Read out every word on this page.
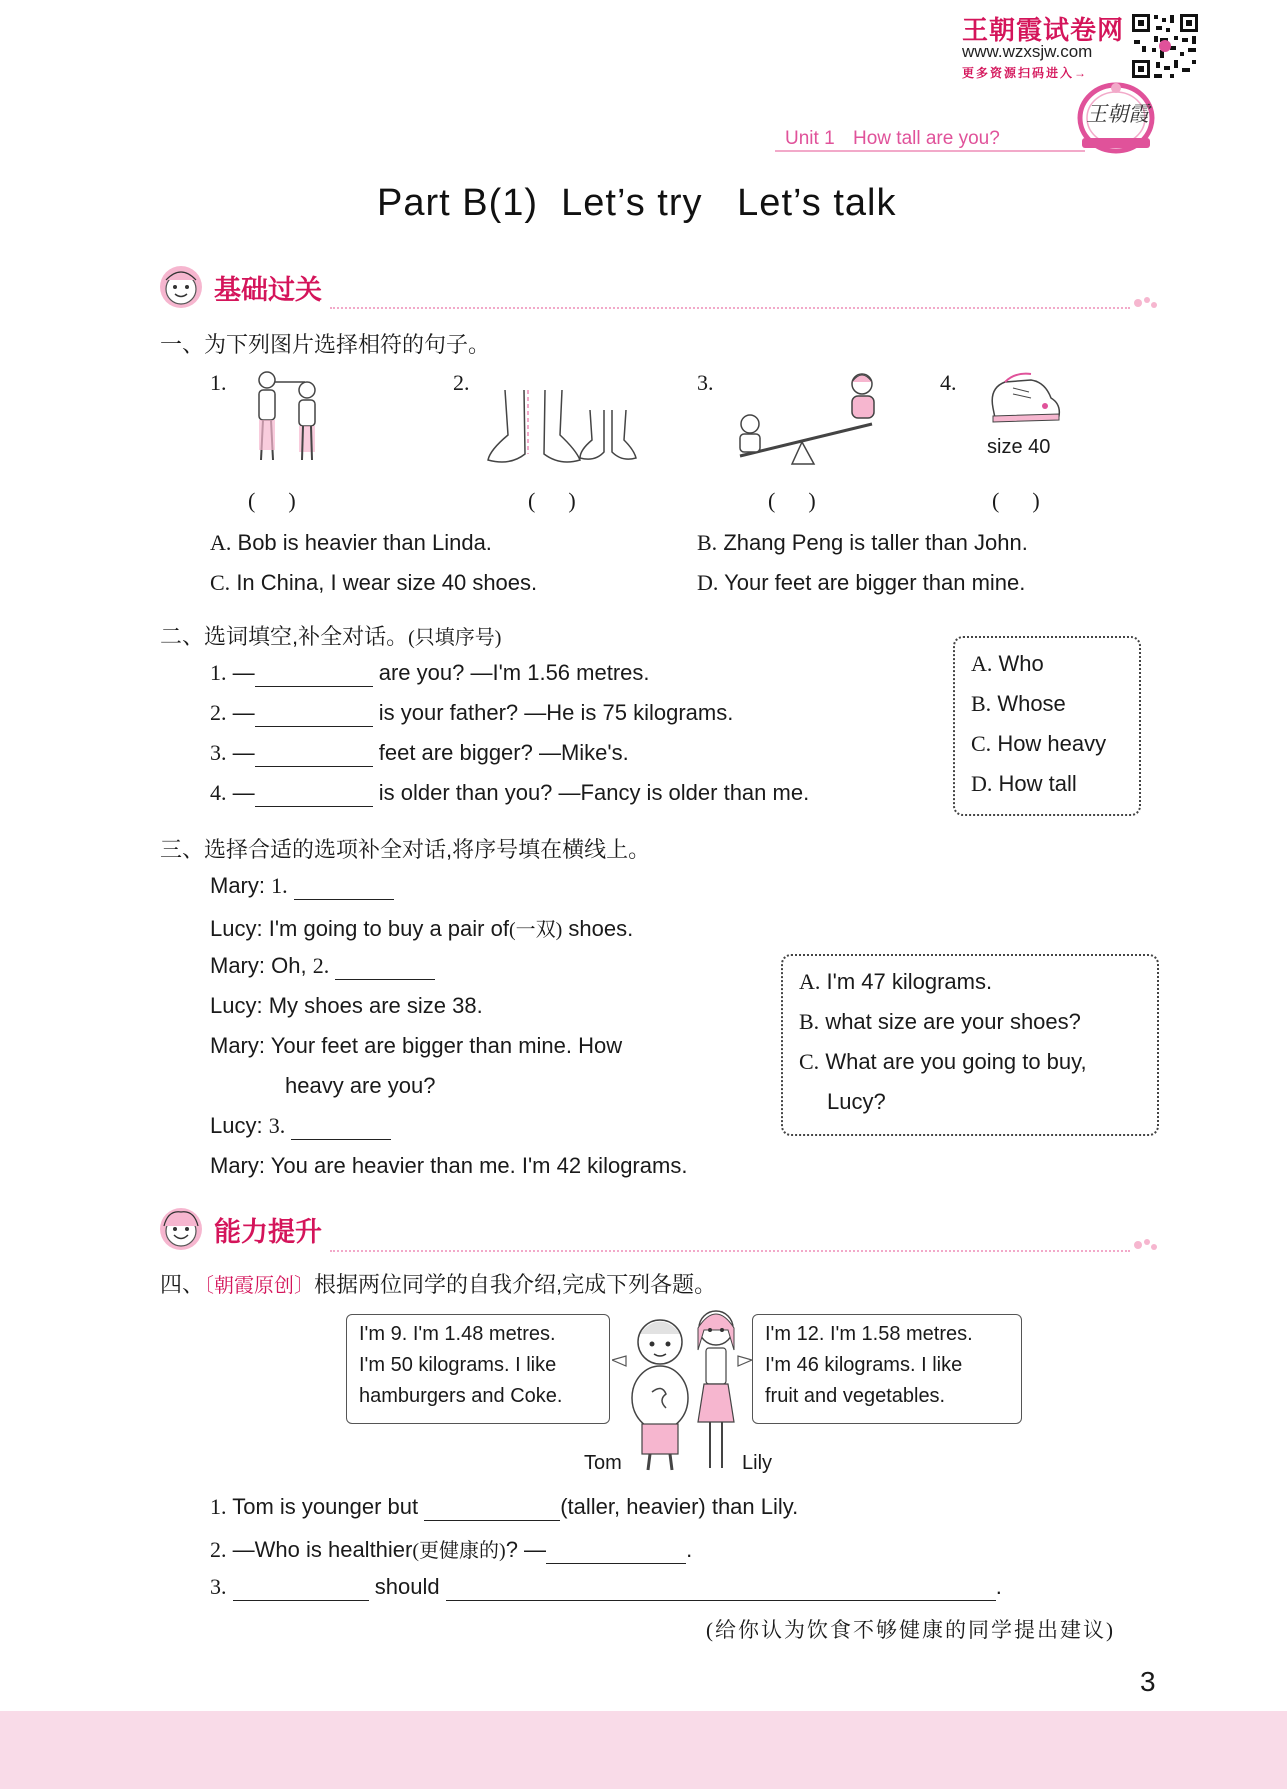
王朝霞试卷网
www.wzxsjw.com
更多资源扫码进入→
王朝霞
Unit 1 How tall are you?
Part B(1)  Let’s try   Let’s talk
基础过关
一、为下列图片选择相符的句子。
1.
(      )
2.
(      )
3.
(      )
4.
size 40
(      )
A. Bob is heavier than Linda.	B. Zhang Peng is taller than John.
C. In China, I wear size 40 shoes.	D. Your feet are bigger than mine.
二、选词填空,补全对话。(只填序号)
1. —	are you? —I'm 1.56 metres.
2. —	is your father? —He is 75 kilograms.
3. —	feet are bigger? —Mike's.
4. —	is older than you? —Fancy is older than me.
A. Who
B. Whose
C. How heavy
D. How tall
三、选择合适的选项补全对话,将序号填在横线上。
Mary: 1.
Lucy: I'm going to buy a pair of(一双) shoes.
Mary: Oh, 2.
Lucy: My shoes are size 38.
Mary: Your feet are bigger than mine. How
heavy are you?
Lucy: 3.
Mary: You are heavier than me. I'm 42 kilograms.
A. I'm 47 kilograms.
B. what size are your shoes?
C. What are you going to buy,
Lucy?
能力提升
四、〔朝霞原创〕根据两位同学的自我介绍,完成下列各题。
I'm 9. I'm 1.48 metres.
I'm 50 kilograms. I like
hamburgers and Coke.
I'm 12. I'm 1.58 metres.
I'm 46 kilograms. I like
fruit and vegetables.
Tom	Lily
1. Tom is younger but	(taller, heavier) than Lily.
2. —Who is healthier(更健康的)? —	.
3.	should	.
(给你认为饮食不够健康的同学提出建议)
3
